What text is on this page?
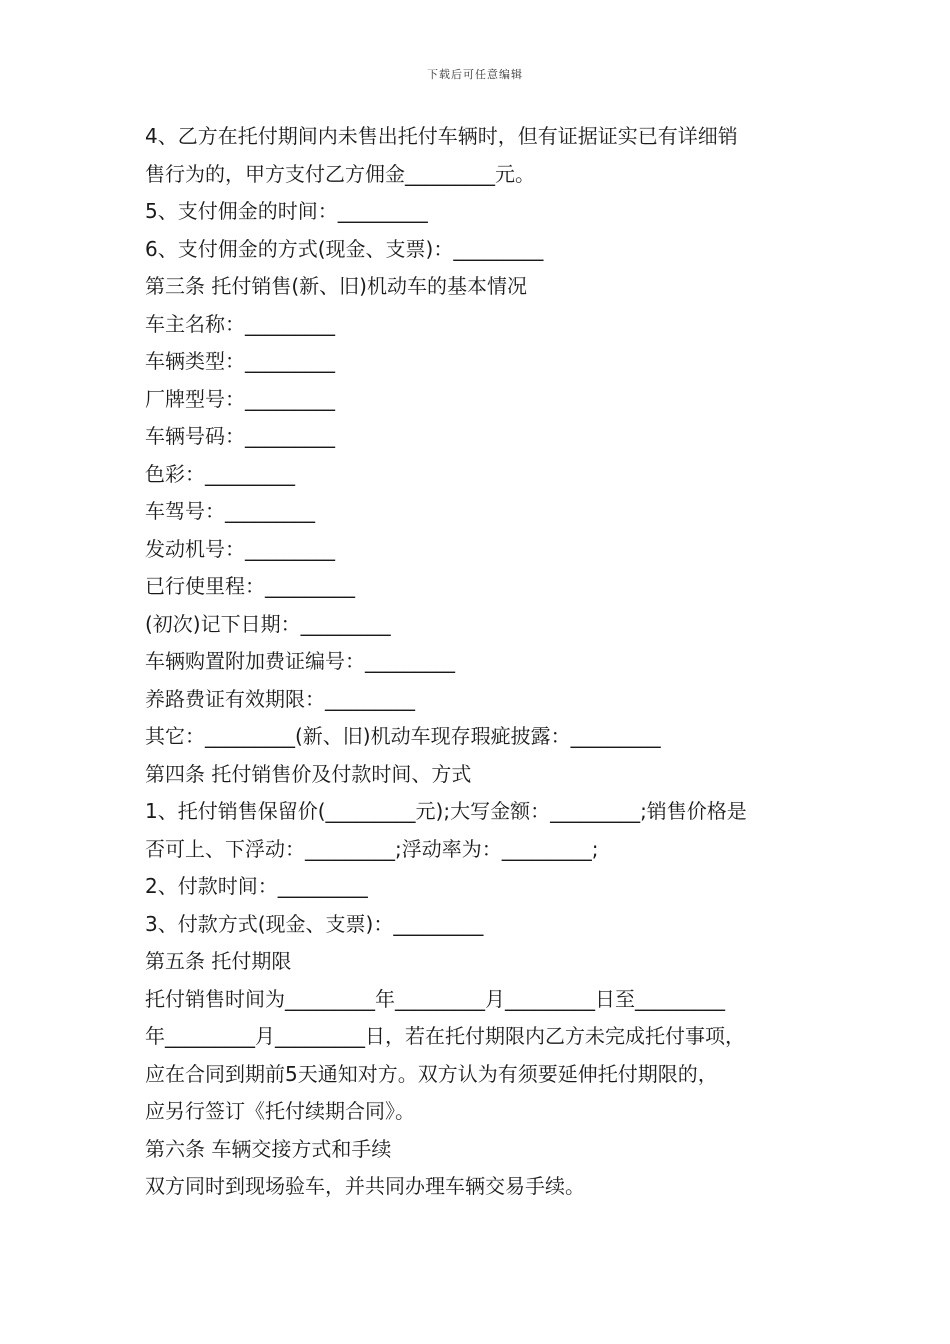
下载后可任意编辑
4、乙方在托付期间内未售出托付车辆时，但有证据证实已有详细销
售行为的，甲方支付乙方佣金_________元。
5、支付佣金的时间：_________
6、支付佣金的方式(现金、支票)：_________
第三条 托付销售(新、旧)机动车的基本情况
车主名称：_________
车辆类型：_________
厂牌型号：_________
车辆号码：_________
色彩：_________
车驾号：_________
发动机号：_________
已行使里程：_________
(初次)记下日期：_________
车辆购置附加费证编号：_________
养路费证有效期限：_________
其它：_________(新、旧)机动车现存瑕疵披露：_________
第四条 托付销售价及付款时间、方式
1、托付销售保留价(_________元);大写金额：_________;销售价格是
否可上、下浮动：_________;浮动率为：_________;
2、付款时间：_________
3、付款方式(现金、支票)：_________
第五条 托付期限
托付销售时间为_________年_________月_________日至_________
年_________月_________日，若在托付期限内乙方未完成托付事项，
应在合同到期前5天通知对方。双方认为有须要延伸托付期限的，
应另行签订《托付续期合同》。
第六条 车辆交接方式和手续
双方同时到现场验车，并共同办理车辆交易手续。
